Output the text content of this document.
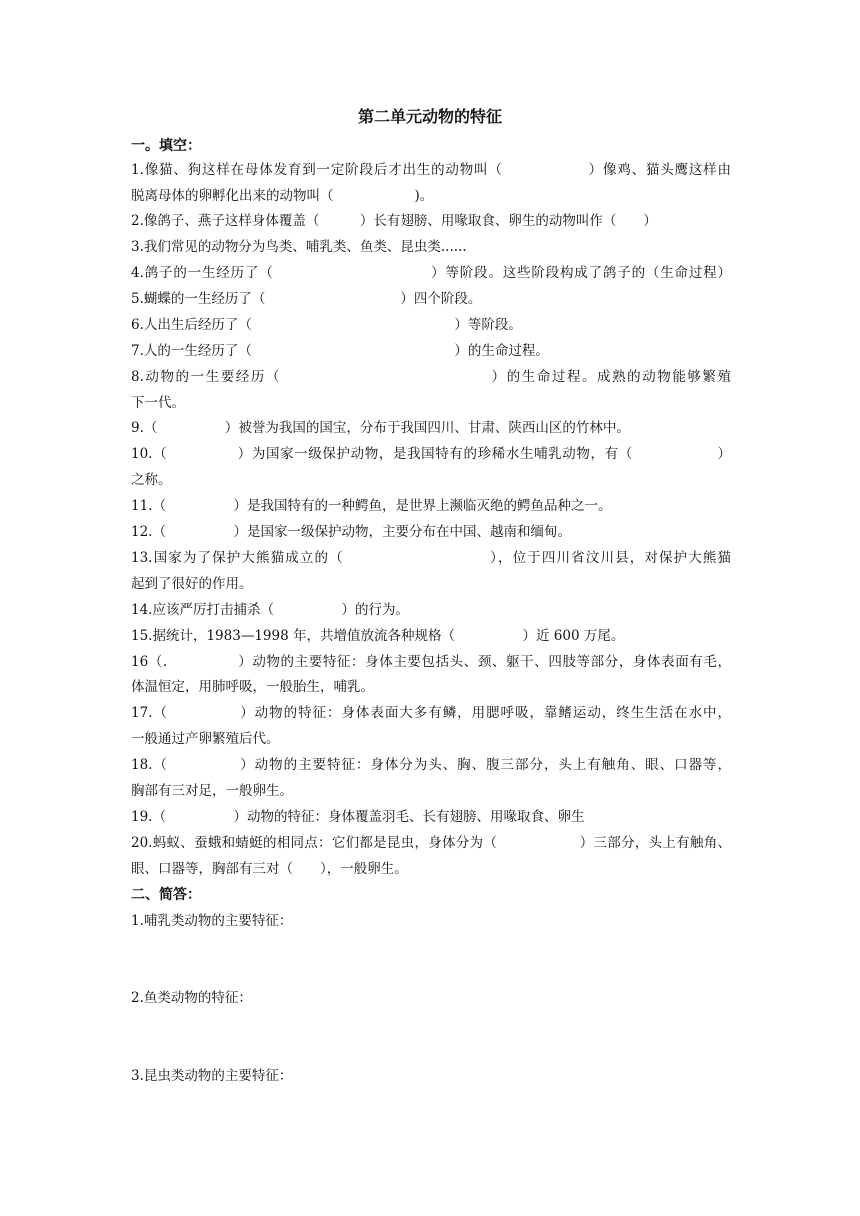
第二单元动物的特征
一。填空：
1.像猫、狗这样在母体发育到一定阶段后才出生的动物叫（　　　　　　）像鸡、猫头鹰这样由
脱离母体的卵孵化出来的动物叫（　　　　　　)。
2.像鸽子、燕子这样身体覆盖（　　　）长有翅膀、用喙取食、卵生的动物叫作（　　）
3.我们常见的动物分为鸟类、哺乳类、鱼类、昆虫类......
4.鸽子的一生经历了（　　　　　　　　　　　）等阶段。这些阶段构成了鸽子的（生命过程）
5.蝴蝶的一生经历了（　　　　　　　　　　）四个阶段。
6.人出生后经历了（　　　　　　　　　　　　　　　）等阶段。
7.人的一生经历了（　　　　　　　　　　　　　　　）的生命过程。
8.动物的一生要经历（　　　　　　　　　　　　　　）的生命过程。成熟的动物能够繁殖
下一代。
9.（　　　　　）被誉为我国的国宝，分布于我国四川、甘肃、陕西山区的竹林中。
10.（　　　　　）为国家一级保护动物，是我国特有的珍稀水生哺乳动物，有（　　　　　　）
之称。
11.（　　　　　）是我国特有的一种鳄鱼，是世界上濒临灭绝的鳄鱼品种之一。
12.（　　　　　）是国家一级保护动物，主要分布在中国、越南和缅甸。
13.国家为了保护大熊猫成立的（　　　　　　　　　　），位于四川省汶川县，对保护大熊猫
起到了很好的作用。
14.应该严厉打击捕杀（　　　　　）的行为。
15.据统计，1983—1998 年，共增值放流各种规格（　　　　　）近 600 万尾。
16（.　　　　　）动物的主要特征：身体主要包括头、颈、躯干、四肢等部分，身体表面有毛，
体温恒定，用肺呼吸，一般胎生，哺乳。
17.（　　　　　）动物的特征：身体表面大多有鳞，用腮呼吸，靠鳍运动，终生生活在水中，
一般通过产卵繁殖后代。
18.（　　　　　）动物的主要特征：身体分为头、胸、腹三部分，头上有触角、眼、口器等，
胸部有三对足，一般卵生。
19.（　　　　　）动物的特征：身体覆盖羽毛、长有翅膀、用喙取食、卵生
20.蚂蚁、蚕蛾和蜻蜓的相同点：它们都是昆虫，身体分为（　　　　　　）三部分，头上有触角、
眼、口器等，胸部有三对（　　），一般卵生。
二、简答：
1.哺乳类动物的主要特征：
2.鱼类动物的特征：
3.昆虫类动物的主要特征：
